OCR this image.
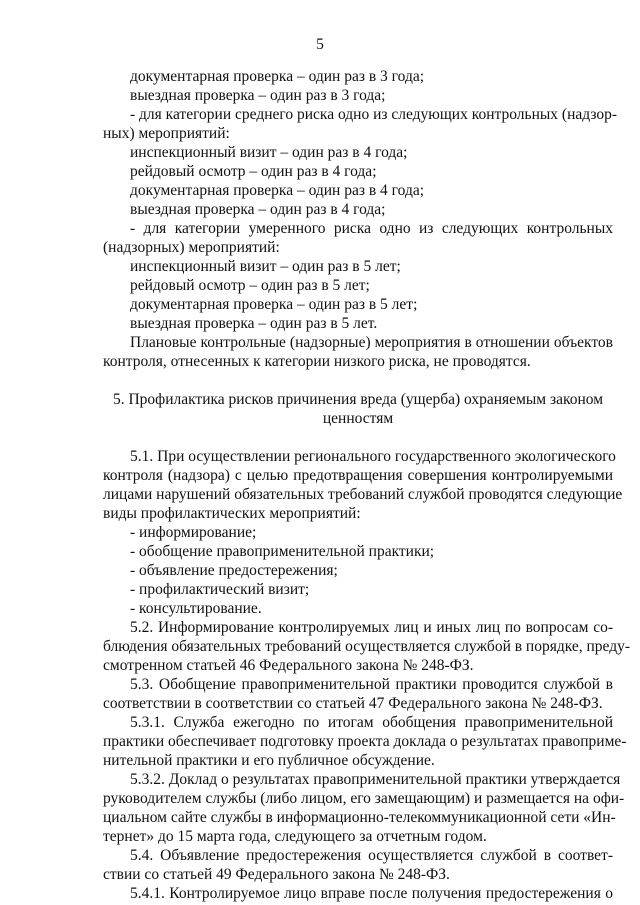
5
документарная проверка – один раз в 3 года;
выездная проверка – один раз в 3 года;
- для категории среднего риска одно из следующих контрольных (надзор-
ных) мероприятий:
инспекционный визит – один раз в 4 года;
рейдовый осмотр – один раз в 4 года;
документарная проверка – один раз в 4 года;
выездная проверка – один раз в 4 года;
- для категории умеренного риска одно из следующих контрольных
(надзорных) мероприятий:
инспекционный визит – один раз в 5 лет;
рейдовый осмотр – один раз в 5 лет;
документарная проверка – один раз в 5 лет;
выездная проверка – один раз в 5 лет.
Плановые контрольные (надзорные) мероприятия в отношении объектов
контроля, отнесенных к категории низкого риска, не проводятся.
5. Профилактика рисков причинения вреда (ущерба) охраняемым законом
ценностям
5.1. При осуществлении регионального государственного экологического
контроля (надзора) с целью предотвращения совершения контролируемыми
лицами нарушений обязательных требований службой проводятся следующие
виды профилактических мероприятий:
- информирование;
- обобщение правоприменительной практики;
- объявление предостережения;
- профилактический визит;
- консультирование.
5.2. Информирование контролируемых лиц и иных лиц по вопросам со-
блюдения обязательных требований осуществляется службой в порядке, преду-
смотренном статьей 46 Федерального закона № 248-ФЗ.
5.3. Обобщение правоприменительной практики проводится службой в
соответствии в соответствии со статьей 47 Федерального закона № 248-ФЗ.
5.3.1. Служба ежегодно по итогам обобщения правоприменительной
практики обеспечивает подготовку проекта доклада о результатах правоприме-
нительной практики и его публичное обсуждение.
5.3.2. Доклад о результатах правоприменительной практики утверждается
руководителем службы (либо лицом, его замещающим) и размещается на офи-
циальном сайте службы в информационно-телекоммуникационной сети «Ин-
тернет» до 15 марта года, следующего за отчетным годом.
5.4. Объявление предостережения осуществляется службой в соответ-
ствии со статьей 49 Федерального закона № 248-ФЗ.
5.4.1. Контролируемое лицо вправе после получения предостережения о
